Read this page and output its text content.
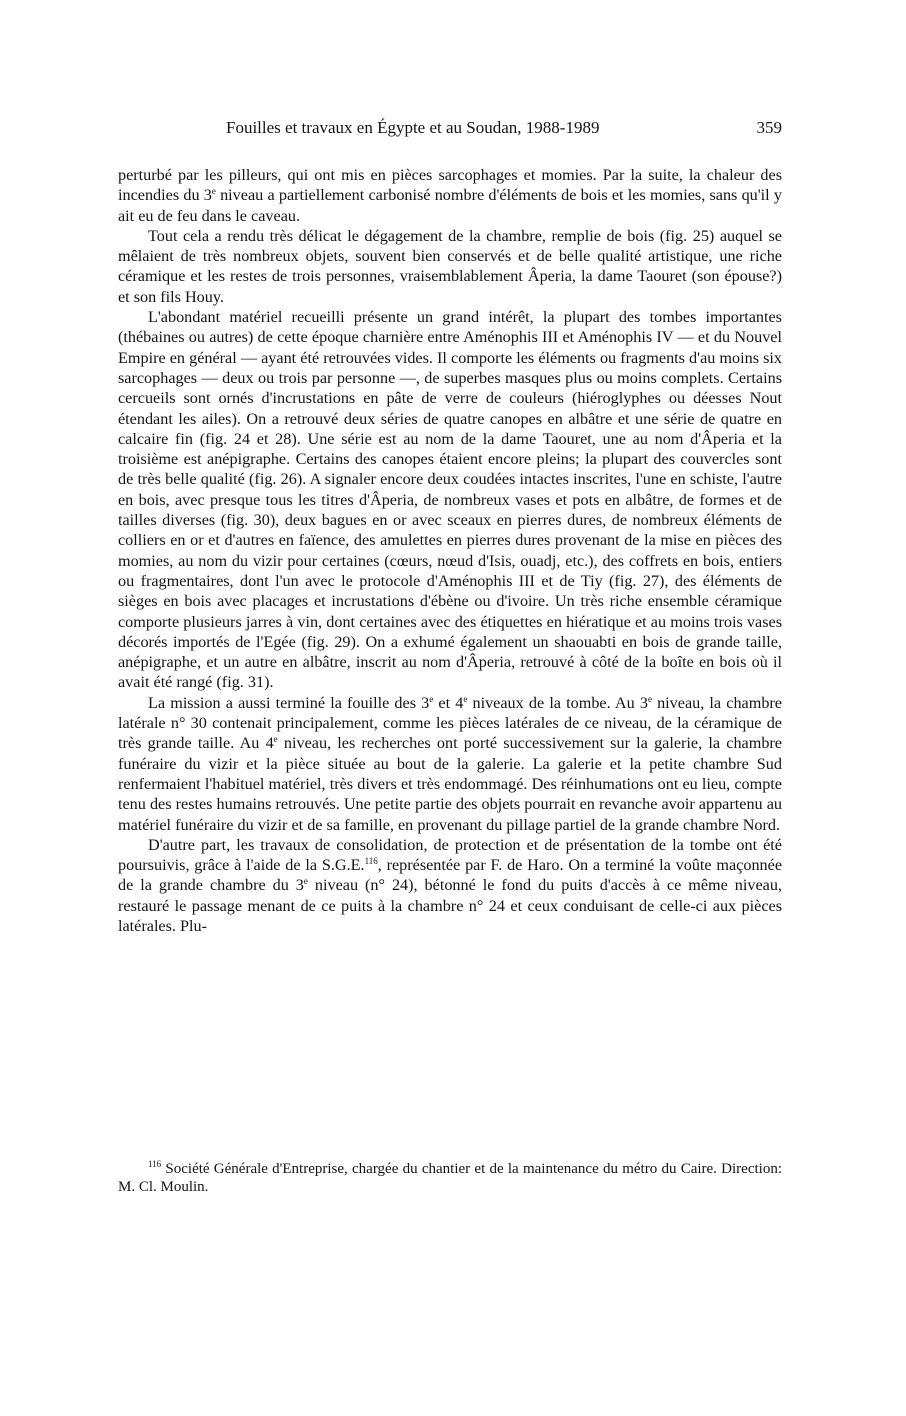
Fouilles et travaux en Égypte et au Soudan, 1988-1989	359

perturbé par les pilleurs, qui ont mis en pièces sarcophages et momies. Par la suite, la chaleur des incendies du 3e niveau a partiellement carbonisé nombre d'éléments de bois et les momies, sans qu'il y ait eu de feu dans le caveau.

Tout cela a rendu très délicat le dégagement de la chambre, remplie de bois (fig. 25) auquel se mêlaient de très nombreux objets, souvent bien conservés et de belle qualité artistique, une riche céramique et les restes de trois personnes, vraisemblablement Âperia, la dame Taouret (son épouse?) et son fils Houy.

L'abondant matériel recueilli présente un grand intérêt, la plupart des tombes importantes (thébaines ou autres) de cette époque charnière entre Aménophis III et Aménophis IV — et du Nouvel Empire en général — ayant été retrouvées vides. Il comporte les éléments ou fragments d'au moins six sarcophages — deux ou trois par personne —, de superbes masques plus ou moins complets. Certains cercueils sont ornés d'incrustations en pâte de verre de couleurs (hiéroglyphes ou déesses Nout étendant les ailes). On a retrouvé deux séries de quatre canopes en albâtre et une série de quatre en calcaire fin (fig. 24 et 28). Une série est au nom de la dame Taouret, une au nom d'Âperia et la troisième est anépigraphe. Certains des canopes étaient encore pleins; la plupart des couvercles sont de très belle qualité (fig. 26). A signaler encore deux coudées intactes inscrites, l'une en schiste, l'autre en bois, avec presque tous les titres d'Âperia, de nombreux vases et pots en albâtre, de formes et de tailles diverses (fig. 30), deux bagues en or avec sceaux en pierres dures, de nombreux éléments de colliers en or et d'autres en faïence, des amulettes en pierres dures provenant de la mise en pièces des momies, au nom du vizir pour certaines (cœurs, nœud d'Isis, ouadj, etc.), des coffrets en bois, entiers ou fragmentaires, dont l'un avec le protocole d'Aménophis III et de Tiy (fig. 27), des éléments de sièges en bois avec placages et incrustations d'ébène ou d'ivoire. Un très riche ensemble céramique comporte plusieurs jarres à vin, dont certaines avec des étiquettes en hiératique et au moins trois vases décorés importés de l'Egée (fig. 29). On a exhumé également un shaouabti en bois de grande taille, anépigraphe, et un autre en albâtre, inscrit au nom d'Âperia, retrouvé à côté de la boîte en bois où il avait été rangé (fig. 31).

La mission a aussi terminé la fouille des 3e et 4e niveaux de la tombe. Au 3e niveau, la chambre latérale n° 30 contenait principalement, comme les pièces latérales de ce niveau, de la céramique de très grande taille. Au 4e niveau, les recherches ont porté successivement sur la galerie, la chambre funéraire du vizir et la pièce située au bout de la galerie. La galerie et la petite chambre Sud renfermaient l'habituel matériel, très divers et très endommagé. Des réinhumations ont eu lieu, compte tenu des restes humains retrouvés. Une petite partie des objets pourrait en revanche avoir appartenu au matériel funéraire du vizir et de sa famille, en provenant du pillage partiel de la grande chambre Nord.

D'autre part, les travaux de consolidation, de protection et de présentation de la tombe ont été poursuivis, grâce à l'aide de la S.G.E.$^{116}$, représentée par F. de Haro. On a terminé la voûte maçonnée de la grande chambre du 3e niveau (n° 24), bétonné le fond du puits d'accès à ce même niveau, restauré le passage menant de ce puits à la chambre n° 24 et ceux conduisant de celle-ci aux pièces latérales. Plu-

$^{116}$ Société Générale d'Entreprise, chargée du chantier et de la maintenance du métro du Caire. Direction: M. Cl. Moulin.
